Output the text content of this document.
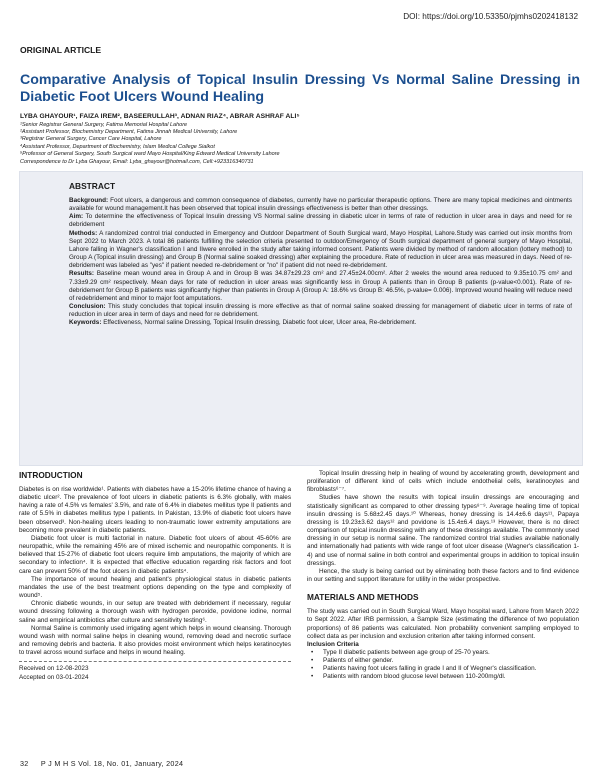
DOI: https://doi.org/10.53350/pjmhs0202418132
ORIGINAL ARTICLE
Comparative Analysis of Topical Insulin Dressing Vs Normal Saline Dressing in Diabetic Foot Ulcers Wound Healing
LYBA GHAYOUR¹, FAIZA IREM², BASEERULLAH³, ADNAN RIAZ⁴, ABRAR ASHRAF ALI⁵
¹Senior Registrar General Surgery, Fatima Memorial Hospital Lahore
²Assistant Professor, Biochemistry Department, Fatima Jinnah Medical University, Lahore
³Registrar General Surgery, Cancer Care Hospital, Lahore
⁴Assistant Professor, Department of Biochemistry, Islam Medical College Sialkot
⁵Professor of General Surgery, South Surgical ward Mayo Hospital/King Edward Medical University Lahore
Correspondence to Dr Lyba Ghayour, Email: Lyba_ghayour@hotmail.com, Cell:+923316340731
ABSTRACT

Background: Foot ulcers, a dangerous and common consequence of diabetes, currently have no particular therapeutic options. There are many topical medicines and ointments available for wound management.It has been observed that topical insulin dressings effectiveness is better than other dressings.

Aim: To determine the effectiveness of Topical Insulin dressing VS Normal saline dressing in diabetic ulcer in terms of rate of reduction in ulcer area in days and need for re debridement

Methods: A randomized control trial conducted in Emergency and Outdoor Department of South Surgical ward, Mayo Hospital, Lahore.Study was carried out insix months from Sept 2022 to March 2023. A total 86 patients fulfilling the selection criteria presented to outdoor/Emergency of South surgical department of general surgery of Mayo Hospital, Lahore falling in Wagner's classification I and IIwere enrolled in the study after taking informed consent. Patients were divided by method of random allocation (lottery method) to Group A (Topical insulin dressing) and Group B (Normal saline soaked dressing) after explaining the procedure. Rate of reduction in ulcer area was measured in days. Need of re-debridement was labeled as "yes" if patient needed re-debridement or "no" if patient did not need re-debridement.

Results: Baseline mean wound area in Group A and in Group B was 34.87±29.23 cm² and 27.45±24.00cm². After 2 weeks the wound area reduced to 9.35±10.75 cm² and 7.33±9.29 cm² respectively. Mean days for rate of reduction in ulcer areas was significantly less in Group A patients than in Group B patients (p-value<0.001). Rate of re-debridement for Group B patients was significantly higher than patients in Group A (Group A: 18.6% vs Group B: 46.5%, p-value= 0.006). Improved wound healing will reduce need of redebridement and minor to major foot amputations.

Conclusion: This study concludes that topical insulin dressing is more effective as that of normal saline soaked dressing for management of diabetic ulcer in terms of rate of reduction in ulcer area in term of days and need for re debridement.

Keywords: Effectiveness, Normal saline Dressing, Topical Insulin dressing, Diabetic foot ulcer, Ulcer area, Re-debridement.

INTRODUCTION

Diabetes is on rise worldwide¹. Patients with diabetes have a 15-20% lifetime chance of having a diabetic ulcer². The prevalence of foot ulcers in diabetic patients is 6.3% globally, with males having a rate of 4.5% vs females' 3.5%, and rate of 6.4% in diabetes mellitus type II patients and rate of 5.5% in diabetes mellitus type I patients. In Pakistan, 13.9% of diabetic foot ulcers have been observed³. Non-healing ulcers leading to non-traumatic lower extremity amputations are becoming more prevalent in diabetic patients.

Diabetic foot ulcer is multi factorial in nature. Diabetic foot ulcers of about 45-60% are neuropathic, while the remaining 45% are of mixed ischemic and neuropathic components. It is believed that 15-27% of diabetic foot ulcers require limb amputations, the majority of which are secondary to infection⁴. It is expected that effective education regarding risk factors and foot care can prevent 50% of the foot ulcers in diabetic patients⁴.

The importance of wound healing and patient's physiological status in diabetic patients mandates the use of the best treatment options depending on the type and complexity of wound⁵.

Chronic diabetic wounds, in our setup are treated with debridement if necessary, regular wound dressing following a thorough wash with hydrogen peroxide, povidone iodine, normal saline and empirical antibiotics after culture and sensitivity testing⁶.

Normal Saline is commonly used irrigating agent which helps in wound cleansing. Thorough wound wash with normal saline helps in cleaning wound, removing dead and necrotic surface and removing debris and bacteria. It also provides moist environment which helps keratinocytes to travel across wound surface and helps in wound healing.

Received on 12-08-2023
Accepted on 03-01-2024

Topical Insulin dressing help in healing of wound by accelerating growth, development and proliferation of different kind of cells which include endothelial cells, keratinocytes and fibroblasts⁶⁻⁷.

Studies have shown the results with topical insulin dressings are encouraging and statistically significant as compared to other dressing types⁸⁻⁹. Average healing time of topical insulin dressing is 5.68±2.45 days.¹⁰ Whereas, honey dressing is 14.4±6.6 days¹¹, Papaya dressing is 19.23±3.62 days¹² and povidone is 15.4±6.4 days.¹³ However, there is no direct comparison of topical insulin dressing with any of these dressings available. The commonly used dressing in our setup is normal saline. The randomized control trial studies available nationally and internationally had patients with wide range of foot ulcer disease (Wagner's classification 1-4) and use of normal saline in both control and experimental groups in addition to topical insulin dressings.

Hence, the study is being carried out by eliminating both these factors and to find evidence in our setting and support literature for utility in the wider prospective.

MATERIALS AND METHODS

The study was carried out in South Surgical Ward, Mayo hospital ward, Lahore from March 2022 to Sept 2022. After IRB permission, a Sample Size (estimating the difference of two population proportions) of 86 patients was calculated. Non probability convenient sampling employed to collect data as per inclusion and exclusion criterion after taking informed consent.

Inclusion Criteria
• Type II diabetic patients between age group of 25-70 years.
• Patients of either gender.
• Patients having foot ulcers falling in grade I and II of Wegner's classification.
• Patients with random blood glucose level between 110-200mg/dl.
32 P J M H S Vol. 18, No. 01, January, 2024
